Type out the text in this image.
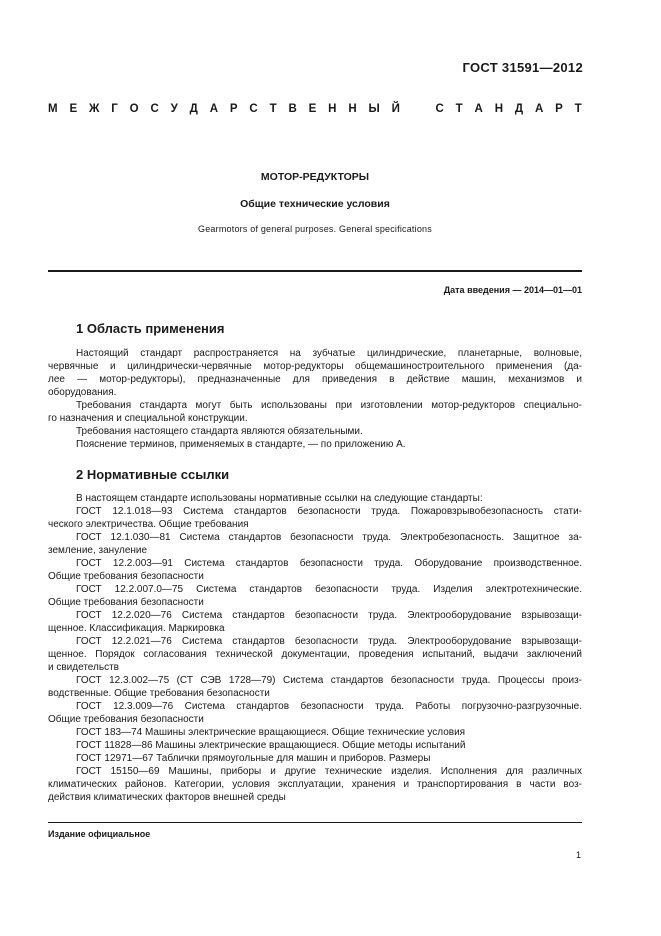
ГОСТ 31591—2012
М Е Ж Г О С У Д А Р С Т В Е Н Н Ы Й	С Т А Н Д А Р Т
МОТОР-РЕДУКТОРЫ
Общие технические условия
Gearmotors of general purposes. General specifications
Дата введения — 2014—01—01
1 Область применения
Настоящий стандарт распространяется на зубчатые цилиндрические, планетарные, волновые,
червячные и цилиндрически-червячные мотор-редукторы общемашиностроительного применения (да-
лее — мотор-редукторы), предназначенные для приведения в действие машин, механизмов и
оборудования.
Требования стандарта могут быть использованы при изготовлении мотор-редукторов специально-
го назначения и специальной конструкции.
Требования настоящего стандарта являются обязательными.
Пояснение терминов, применяемых в стандарте, — по приложению А.
2 Нормативные ссылки
В настоящем стандарте использованы нормативные ссылки на следующие стандарты:
ГОСТ 12.1.018—93 Система стандартов безопасности труда. Пожаровзрывобезопасность стати-
ческого электричества. Общие требования
ГОСТ 12.1.030—81 Система стандартов безопасности труда. Электробезопасность. Защитное за-
земление, зануление
ГОСТ 12.2.003—91 Система стандартов безопасности труда. Оборудование производственное.
Общие требования безопасности
ГОСТ 12.2.007.0—75 Система стандартов безопасности труда. Изделия электротехнические.
Общие требования безопасности
ГОСТ 12.2.020—76 Система стандартов безопасности труда. Электрооборудование взрывозащи-
щенное. Классификация. Маркировка
ГОСТ 12.2.021—76 Система стандартов безопасности труда. Электрооборудование взрывозащи-
щенное. Порядок согласования технической документации, проведения испытаний, выдачи заключений
и свидетельств
ГОСТ 12.3.002—75 (СТ СЭВ 1728—79) Система стандартов безопасности труда. Процессы произ-
водственные. Общие требования безопасности
ГОСТ 12.3.009—76 Система стандартов безопасности труда. Работы погрузочно-разгрузочные.
Общие требования безопасности
ГОСТ 183—74 Машины электрические вращающиеся. Общие технические условия
ГОСТ 11828—86 Машины электрические вращающиеся. Общие методы испытаний
ГОСТ 12971—67 Таблички прямоугольные для машин и приборов. Размеры
ГОСТ 15150—69 Машины, приборы и другие технические изделия. Исполнения для различных
климатических районов. Категории, условия эксплуатации, хранения и транспортирования в части воз-
действия климатических факторов внешней среды
Издание официальное
1
